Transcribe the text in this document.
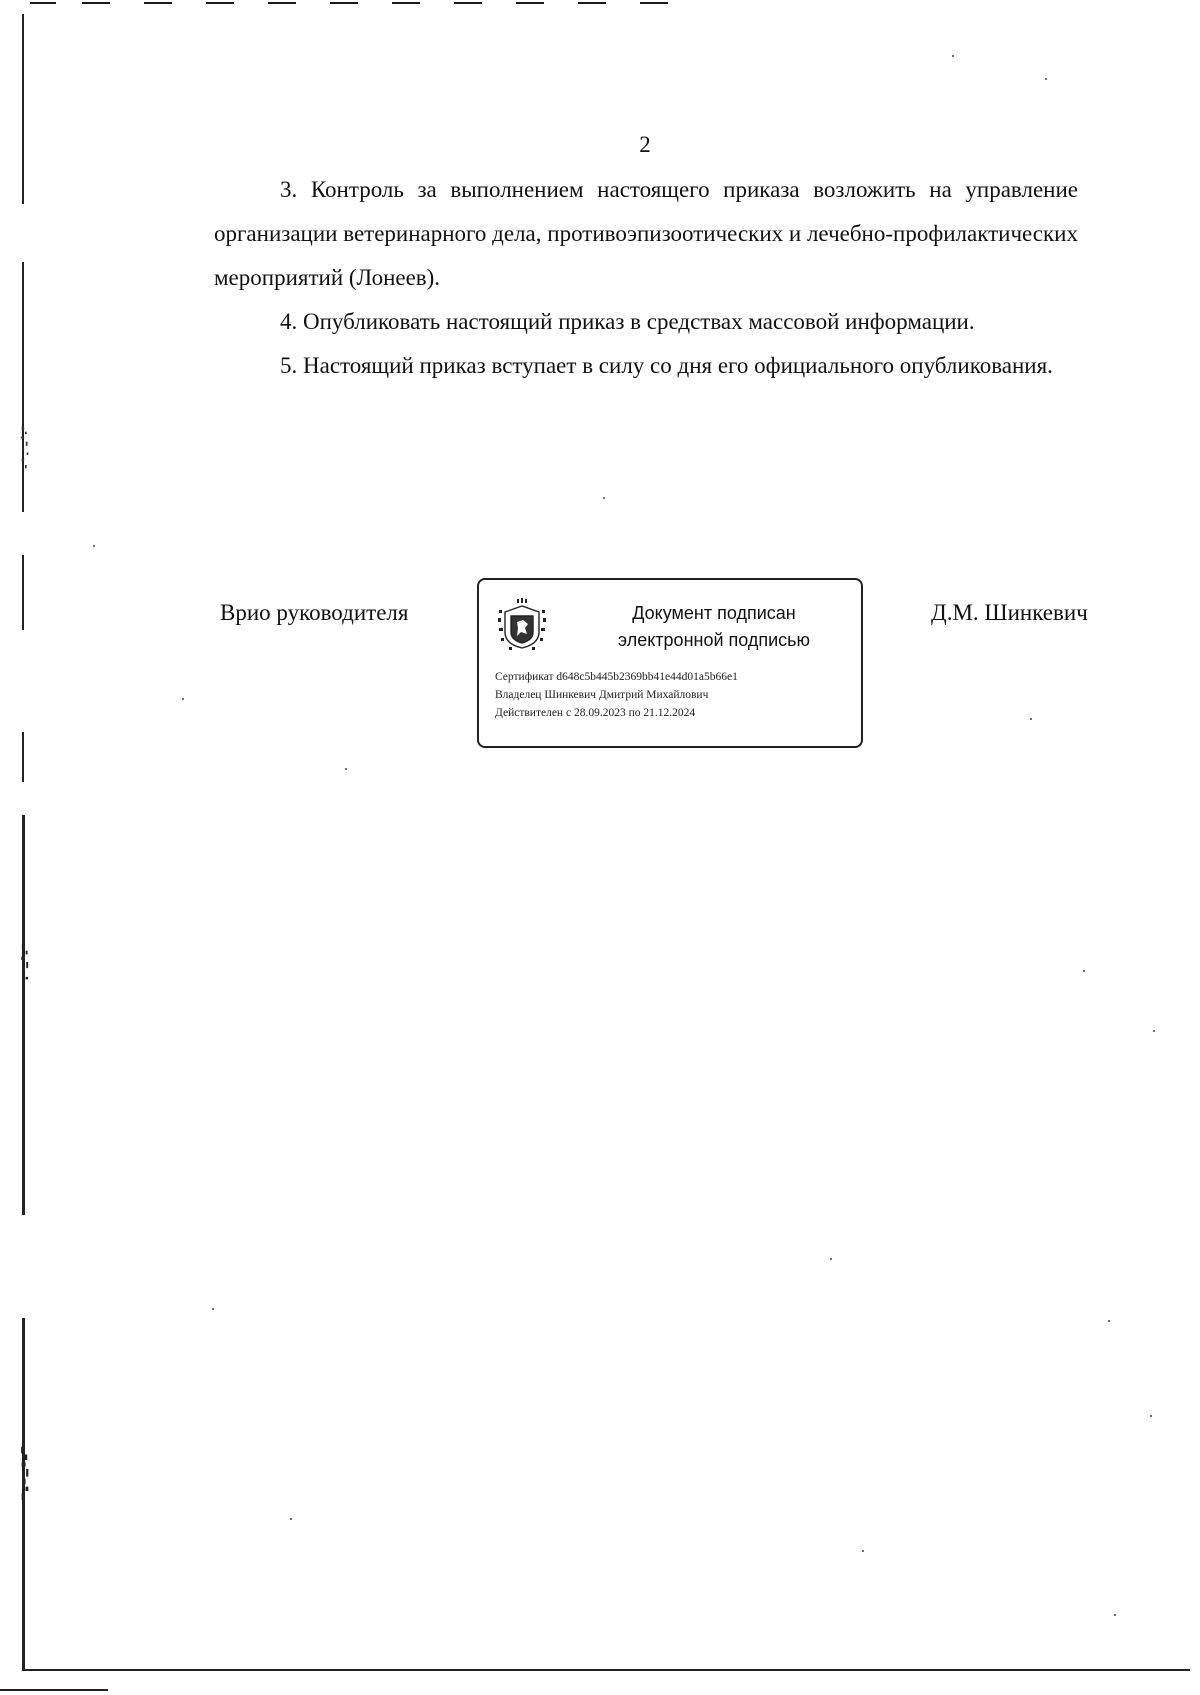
2

3. Контроль за выполнением настоящего приказа возложить на управление организации ветеринарного дела, противоэпизоотических и лечебно-профилактических мероприятий (Лонеев).

4. Опубликовать настоящий приказ в средствах массовой информации.

5. Настоящий приказ вступает в силу со дня его официального опубликования.

Врио руководителя	Д.М. Шинкевич
Документ подписан
электронной подписью
Сертификат d648c5b445b2369bb41e44d01a5b66e1
Владелец Шинкевич Дмитрий Михайлович
Действителен с 28.09.2023 по 21.12.2024
